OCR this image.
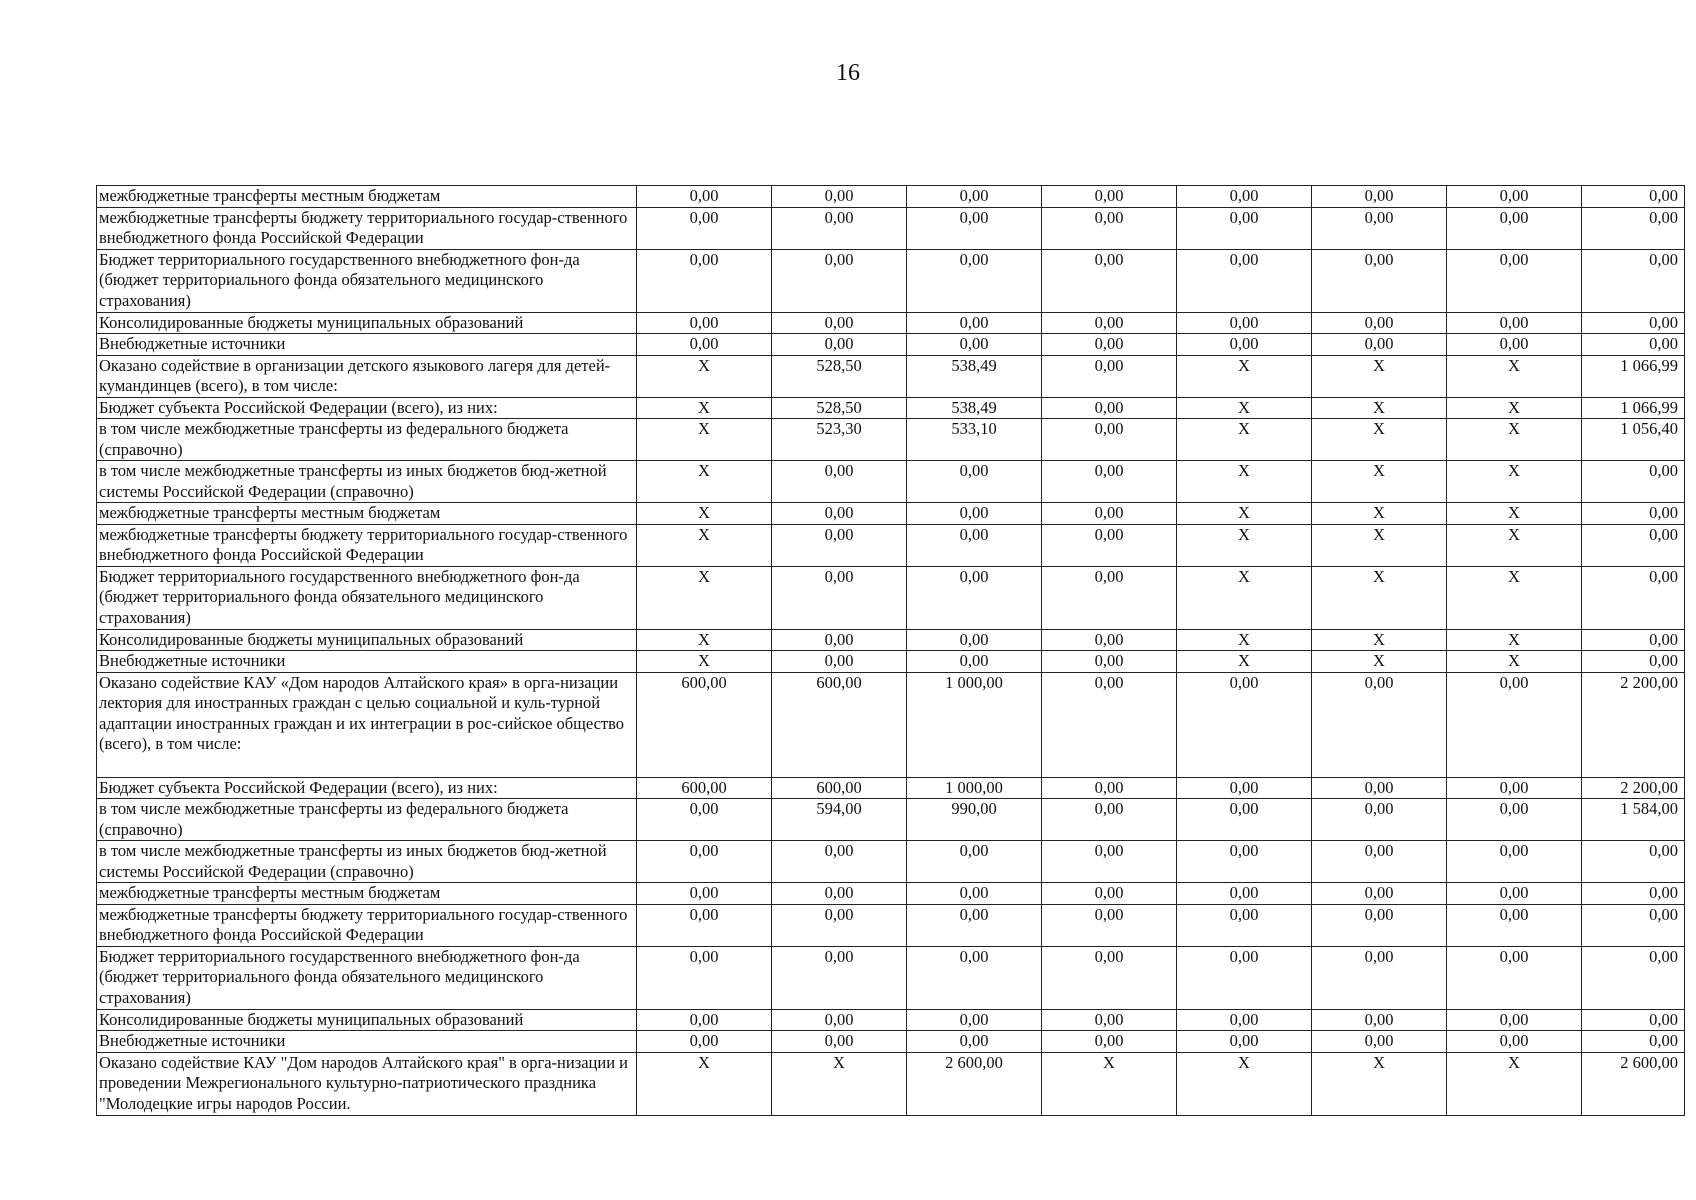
16
межбюджетные трансферты местным бюджетам	0,00	0,00	0,00	0,00	0,00	0,00	0,00	0,00

межбюджетные трансферты бюджету территориального государ-ственного внебюджетного фонда Российской Федерации	0,00	0,00	0,00	0,00	0,00	0,00	0,00	0,00

Бюджет территориального государственного внебюджетного фон-да (бюджет территориального фонда обязательного медицинского страхования)	0,00	0,00	0,00	0,00	0,00	0,00	0,00	0,00

Консолидированные бюджеты муниципальных образований	0,00	0,00	0,00	0,00	0,00	0,00	0,00	0,00

Внебюджетные источники	0,00	0,00	0,00	0,00	0,00	0,00	0,00	0,00

Оказано содействие в организации детского языкового лагеря для детей-кумандинцев (всего), в том числе:	X	528,50	538,49	0,00	X	X	X	1 066,99

Бюджет субъекта Российской Федерации (всего), из них:	X	528,50	538,49	0,00	X	X	X	1 066,99

в том числе межбюджетные трансферты из федерального бюджета (справочно)	X	523,30	533,10	0,00	X	X	X	1 056,40

в том числе межбюджетные трансферты из иных бюджетов бюд-жетной системы Российской Федерации (справочно)	X	0,00	0,00	0,00	X	X	X	0,00

межбюджетные трансферты местным бюджетам	X	0,00	0,00	0,00	X	X	X	0,00

межбюджетные трансферты бюджету территориального государ-ственного внебюджетного фонда Российской Федерации	X	0,00	0,00	0,00	X	X	X	0,00

Бюджет территориального государственного внебюджетного фон-да (бюджет территориального фонда обязательного медицинского страхования)	X	0,00	0,00	0,00	X	X	X	0,00

Консолидированные бюджеты муниципальных образований	X	0,00	0,00	0,00	X	X	X	0,00

Внебюджетные источники	X	0,00	0,00	0,00	X	X	X	0,00

Оказано содействие КАУ «Дом народов Алтайского края» в орга-низации лектория для иностранных граждан с целью социальной и куль-турной адаптации иностранных граждан и их интеграции в рос-сийское общество (всего), в том числе:	600,00	600,00	1 000,00	0,00	0,00	0,00	0,00	2 200,00

Бюджет субъекта Российской Федерации (всего), из них:	600,00	600,00	1 000,00	0,00	0,00	0,00	0,00	2 200,00

в том числе межбюджетные трансферты из федерального бюджета (справочно)	0,00	594,00	990,00	0,00	0,00	0,00	0,00	1 584,00

в том числе межбюджетные трансферты из иных бюджетов бюд-жетной системы Российской Федерации (справочно)	0,00	0,00	0,00	0,00	0,00	0,00	0,00	0,00

межбюджетные трансферты местным бюджетам	0,00	0,00	0,00	0,00	0,00	0,00	0,00	0,00

межбюджетные трансферты бюджету территориального государ-ственного внебюджетного фонда Российской Федерации	0,00	0,00	0,00	0,00	0,00	0,00	0,00	0,00

Бюджет территориального государственного внебюджетного фон-да (бюджет территориального фонда обязательного медицинского страхования)	0,00	0,00	0,00	0,00	0,00	0,00	0,00	0,00

Консолидированные бюджеты муниципальных образований	0,00	0,00	0,00	0,00	0,00	0,00	0,00	0,00

Внебюджетные источники	0,00	0,00	0,00	0,00	0,00	0,00	0,00	0,00

Оказано содействие КАУ "Дом народов Алтайского края" в орга-низации и проведении Межрегионального культурно-патриотического праздника "Молодецкие игры народов России.	X	X	2 600,00	X	X	X	X	2 600,00
